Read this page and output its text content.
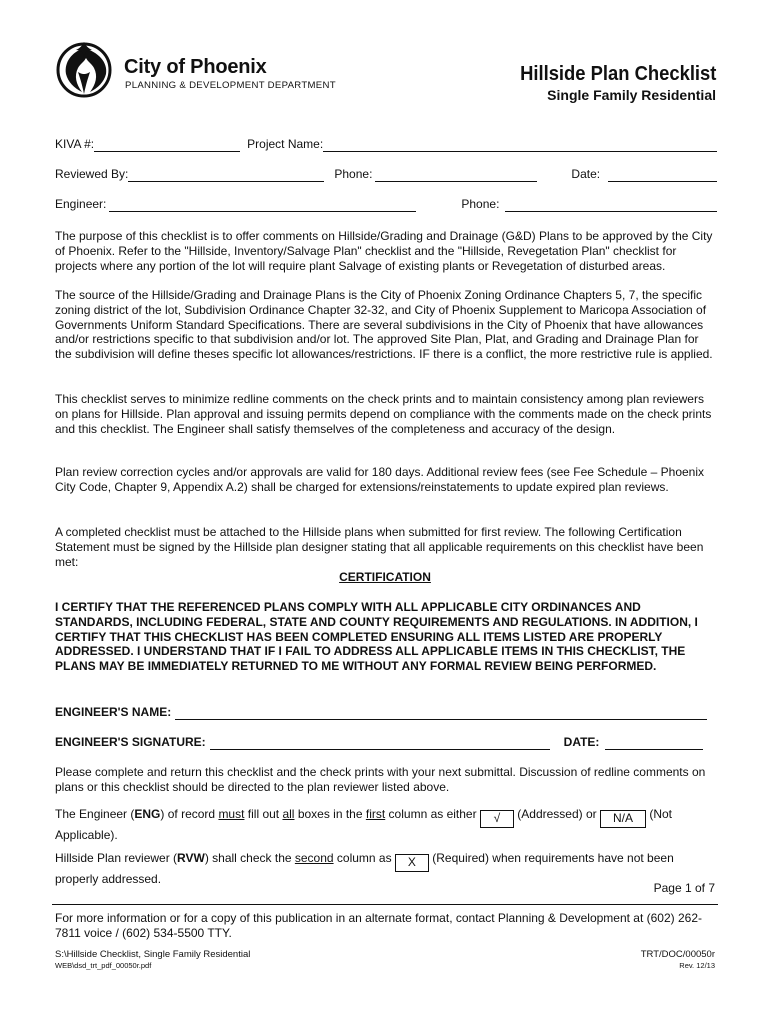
City of Phoenix
PLANNING & DEVELOPMENT DEPARTMENT
Hillside Plan Checklist
Single Family Residential
KIVA #:	Project Name:
Reviewed By:	Phone:	Date:
Engineer:	Phone:
The purpose of this checklist is to offer comments on Hillside/Grading and Drainage (G&D) Plans to be approved by the City of Phoenix. Refer to the "Hillside, Inventory/Salvage Plan" checklist and the "Hillside, Revegetation Plan" checklist for projects where any portion of the lot will require plant Salvage of existing plants or Revegetation of disturbed areas.
The source of the Hillside/Grading and Drainage Plans is the City of Phoenix Zoning Ordinance Chapters 5, 7, the specific zoning district of the lot, Subdivision Ordinance Chapter 32-32, and City of Phoenix Supplement to Maricopa Association of Governments Uniform Standard Specifications. There are several subdivisions in the City of Phoenix that have allowances and/or restrictions specific to that subdivision and/or lot. The approved Site Plan, Plat, and Grading and Drainage Plan for the subdivision will define theses specific lot allowances/restrictions. IF there is a conflict, the more restrictive rule is applied.
This checklist serves to minimize redline comments on the check prints and to maintain consistency among plan reviewers on plans for Hillside. Plan approval and issuing permits depend on compliance with the comments made on the check prints and this checklist. The Engineer shall satisfy themselves of the completeness and accuracy of the design.
Plan review correction cycles and/or approvals are valid for 180 days. Additional review fees (see Fee Schedule – Phoenix City Code, Chapter 9, Appendix A.2) shall be charged for extensions/reinstatements to update expired plan reviews.
A completed checklist must be attached to the Hillside plans when submitted for first review. The following Certification Statement must be signed by the Hillside plan designer stating that all applicable requirements on this checklist have been met:
CERTIFICATION
I CERTIFY THAT THE REFERENCED PLANS COMPLY WITH ALL APPLICABLE CITY ORDINANCES AND STANDARDS, INCLUDING FEDERAL, STATE AND COUNTY REQUIREMENTS AND REGULATIONS. IN ADDITION, I CERTIFY THAT THIS CHECKLIST HAS BEEN COMPLETED ENSURING ALL ITEMS LISTED ARE PROPERLY ADDRESSED. I UNDERSTAND THAT IF I FAIL TO ADDRESS ALL APPLICABLE ITEMS IN THIS CHECKLIST, THE PLANS MAY BE IMMEDIATELY RETURNED TO ME WITHOUT ANY FORMAL REVIEW BEING PERFORMED.
ENGINEER'S NAME:
ENGINEER'S SIGNATURE:	DATE:
Please complete and return this checklist and the check prints with your next submittal. Discussion of redline comments on plans or this checklist should be directed to the plan reviewer listed above.
The Engineer (ENG) of record must fill out all boxes in the first column as either √ (Addressed) or N/A (Not
Applicable).
Hillside Plan reviewer (RVW) shall check the second column as X (Required) when requirements have not been
properly addressed.
Page 1 of 7
For more information or for a copy of this publication in an alternate format, contact Planning & Development at (602) 262-7811 voice / (602) 534-5500 TTY.
S:\Hillside Checklist, Single Family Residential
WEB\dsd_trt_pdf_00050r.pdf
TRT/DOC/00050r
Rev. 12/13
